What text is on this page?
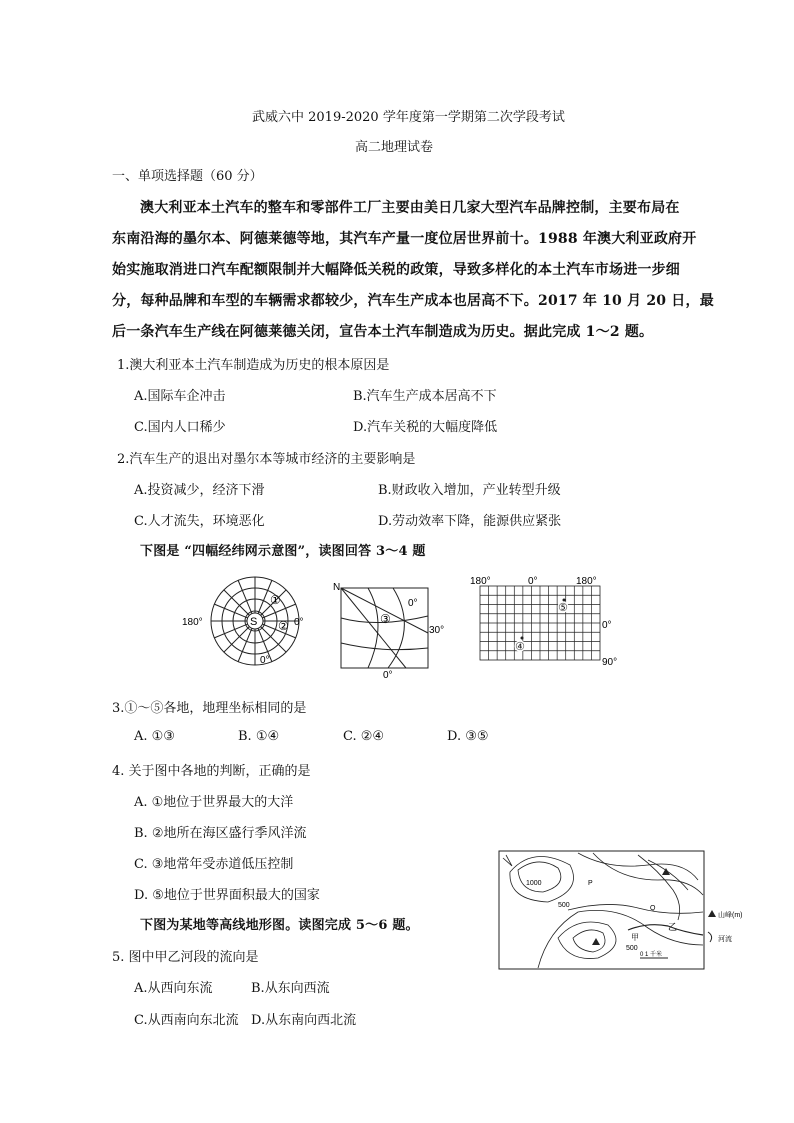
武威六中 2019-2020 学年度第一学期第二次学段考试
高二地理试卷
一、单项选择题（60 分）
澳大利亚本土汽车的整车和零部件工厂主要由美日几家大型汽车品牌控制，主要布局在
东南沿海的墨尔本、阿德莱德等地，其汽车产量一度位居世界前十。1988 年澳大利亚政府开
始实施取消进口汽车配额限制并大幅降低关税的政策，导致多样化的本土汽车市场进一步细
分，每种品牌和车型的车辆需求都较少，汽车生产成本也居高不下。2017 年 10 月 20 日，最
后一条汽车生产线在阿德莱德关闭，宣告本土汽车制造成为历史。据此完成 1～2 题。
1.澳大利亚本土汽车制造成为历史的根本原因是
A.国际车企冲击	B.汽车生产成本居高不下
C.国内人口稀少	D.汽车关税的大幅度降低
2.汽车生产的退出对墨尔本等城市经济的主要影响是
A.投资减少，经济下滑	B.财政收入增加，产业转型升级
C.人才流失，环境恶化	D.劳动效率下降，能源供应紧张
下图是 “四幅经纬网示意图”，读图回答 3～4 题
S
①
②
180°	0°
0°
N
③
0°
30°
0°
180°	0°	180°
0°
90°
⑤
④
3.①～⑤各地，地理坐标相同的是
A. ①③	B. ①④	C. ②④	D. ③⑤
4. 关于图中各地的判断，正确的是
A. ①地位于世界最大的大洋
B. ②地所在海区盛行季风洋流
C. ③地常年受赤道低压控制
D. ⑤地位于世界面积最大的国家
下图为某地等高线地形图。读图完成 5～6 题。
1000
500
500
P
Q
乙
甲
0 1 千米
山峰(m)
河流
5. 图中甲乙河段的流向是
A.从西向东流	B.从东向西流
C.从西南向东北流 D.从东南向西北流
